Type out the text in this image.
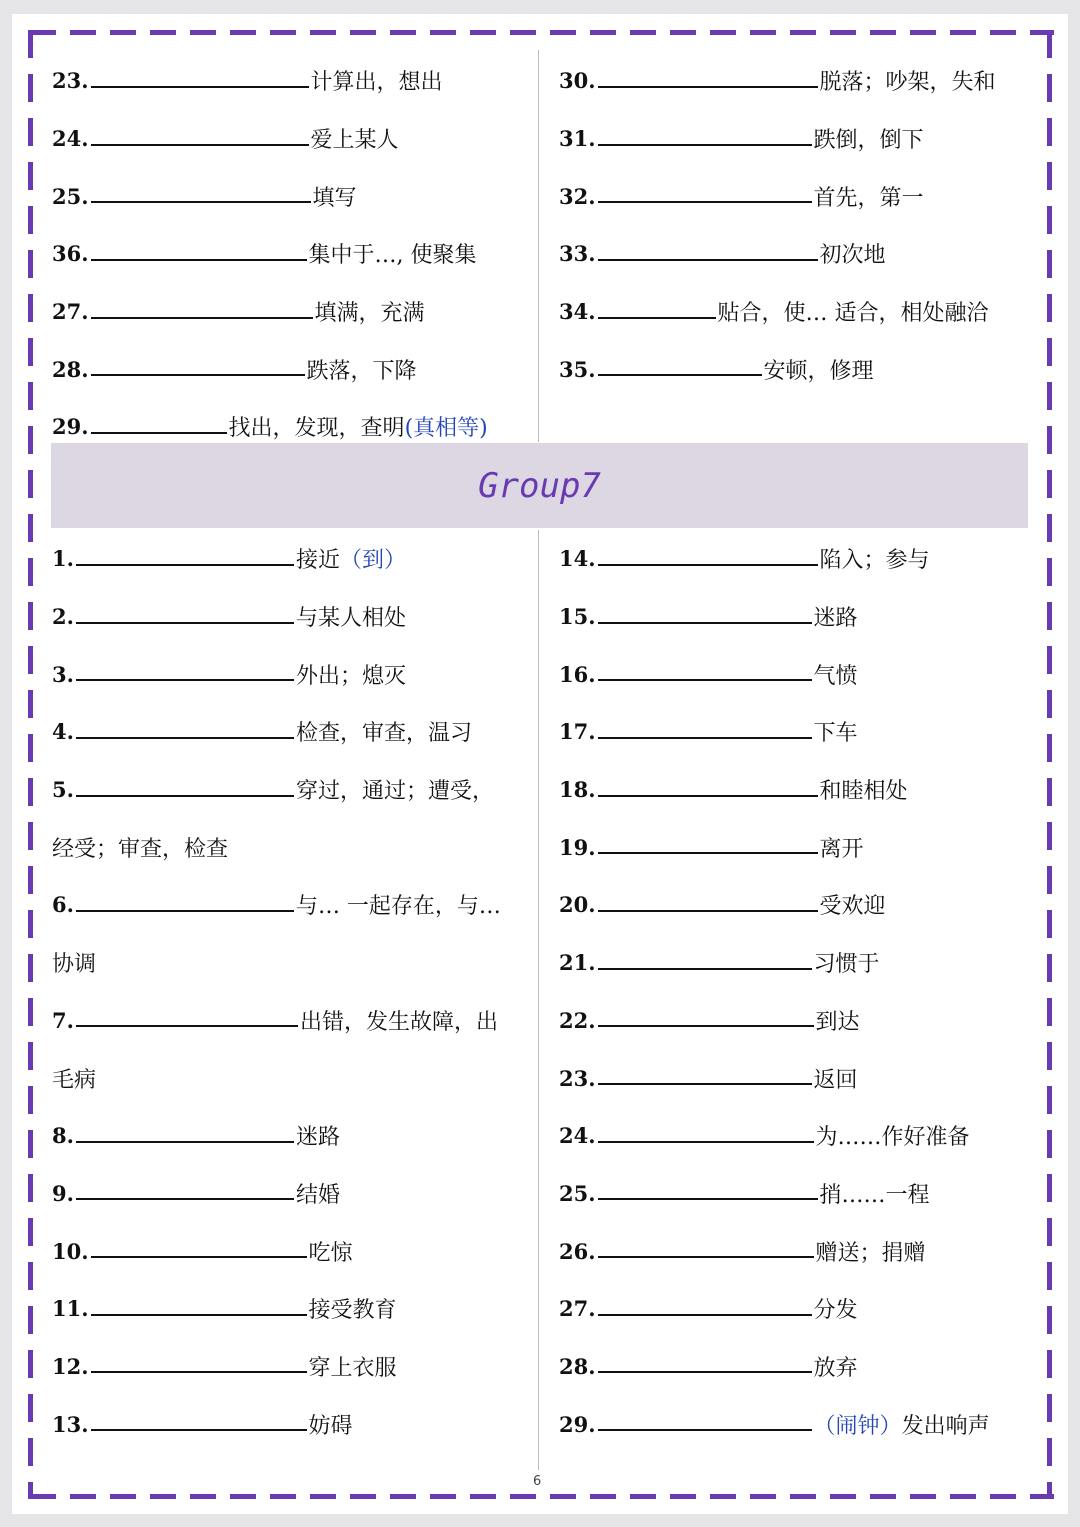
23.	计算出，想出
24.	爱上某人
25.	填写
36.	集中于…, 使聚集
27.	填满，充满
28.	跌落，下降
29.	找出，发现，查明 (真相等)
30.	脱落；吵架，失和
31.	跌倒，倒下
32.	首先，第一
33.	初次地
34.	贴合，使… 适合，相处融洽
35.	安顿，修理
Group7
1.	接近 （到）
2.	与某人相处
3.	外出；熄灭
4.	检查，审查，温习
5.	穿过，通过；遭受，
经受；审查，检查
6.	与… 一起存在，与…
协调
7.	出错，发生故障，出
毛病
8.	迷路
9.	结婚
10.	吃惊
11.	接受教育
12.	穿上衣服
13.	妨碍
14.	陷入；参与
15.	迷路
16.	气愤
17.	下车
18.	和睦相处
19.	离开
20.	受欢迎
21.	习惯于
22.	到达
23.	返回
24.	为……作好准备
25.	捎……一程
26.	赠送；捐赠
27.	分发
28.	放弃
29.	（闹钟） 发出响声
6
